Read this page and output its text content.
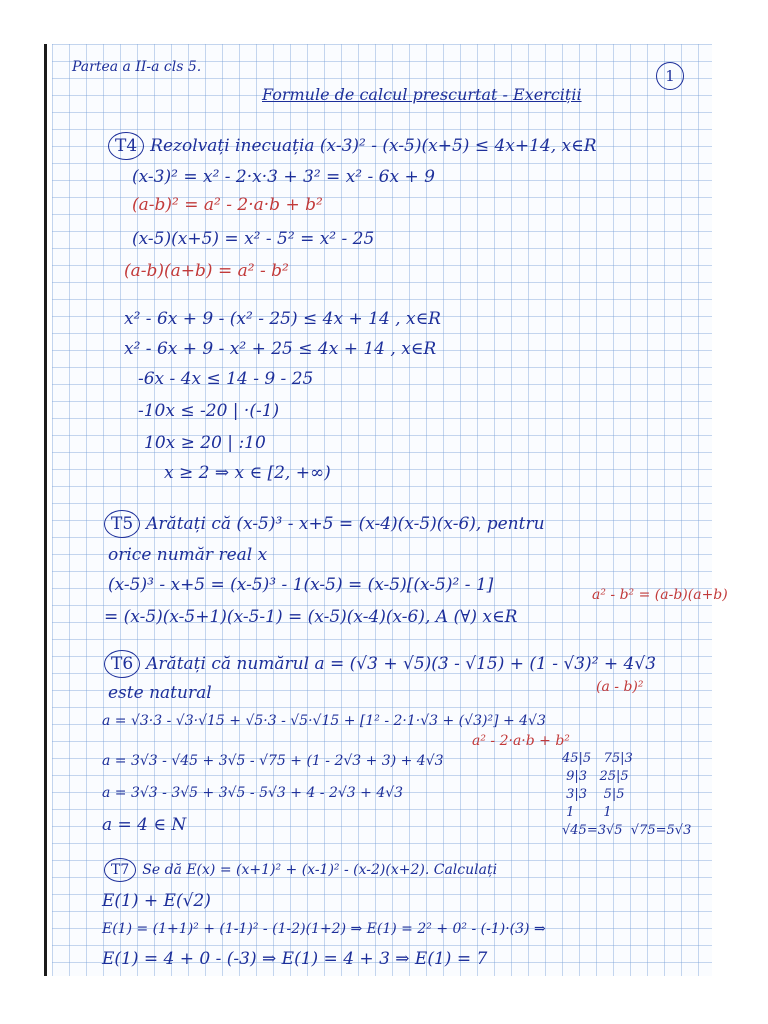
Partea a II-a cls 5.
Formule de calcul prescurtat - Exerciții
1
T4 Rezolvați inecuația (x-3)² - (x-5)(x+5) ≤ 4x+14, x∈R
(x-3)² = x² - 2·x·3 + 3² = x² - 6x + 9
(a-b)² = a² - 2·a·b + b²
(x-5)(x+5) = x² - 5² = x² - 25
(a-b)(a+b) = a² - b²
x² - 6x + 9 - (x² - 25) ≤ 4x + 14 , x∈R
x² - 6x + 9 - x² + 25 ≤ 4x + 14 , x∈R
-6x - 4x ≤ 14 - 9 - 25
-10x ≤ -20 | ·(-1)
10x ≥ 20 | :10
x ≥ 2 ⇒ x ∈ [2, +∞)
T5 Arătați că (x-5)³ - x+5 = (x-4)(x-5)(x-6), pentru
orice număr real x
(x-5)³ - x+5 = (x-5)³ - 1(x-5) = (x-5)[(x-5)² - 1]
= (x-5)(x-5+1)(x-5-1) = (x-5)(x-4)(x-6), A (∀) x∈R
a² - b² = (a-b)(a+b)
T6 Arătați că numărul a = (√3 + √5)(3 - √15) + (1 - √3)² + 4√3
este natural	(a - b)²
a = √3·3 - √3·√15 + √5·3 - √5·√15 + [1² - 2·1·√3 + (√3)²] + 4√3
a² - 2·a·b + b²
a = 3√3 - √45 + 3√5 - √75 + (1 - 2√3 + 3) + 4√3
a = 3√3 - 3√5 + 3√5 - 5√3 + 4 - 2√3 + 4√3
a = 4 ∈ N
45|5   75|3
9|3   25|5
3|3    5|5
1       1
√45=3√5  √75=5√3
T7 Se dă E(x) = (x+1)² + (x-1)² - (x-2)(x+2). Calculați
E(1) + E(√2)
E(1) = (1+1)² + (1-1)² - (1-2)(1+2) ⇒ E(1) = 2² + 0² - (-1)·(3) ⇒
E(1) = 4 + 0 - (-3) ⇒ E(1) = 4 + 3 ⇒ E(1) = 7
